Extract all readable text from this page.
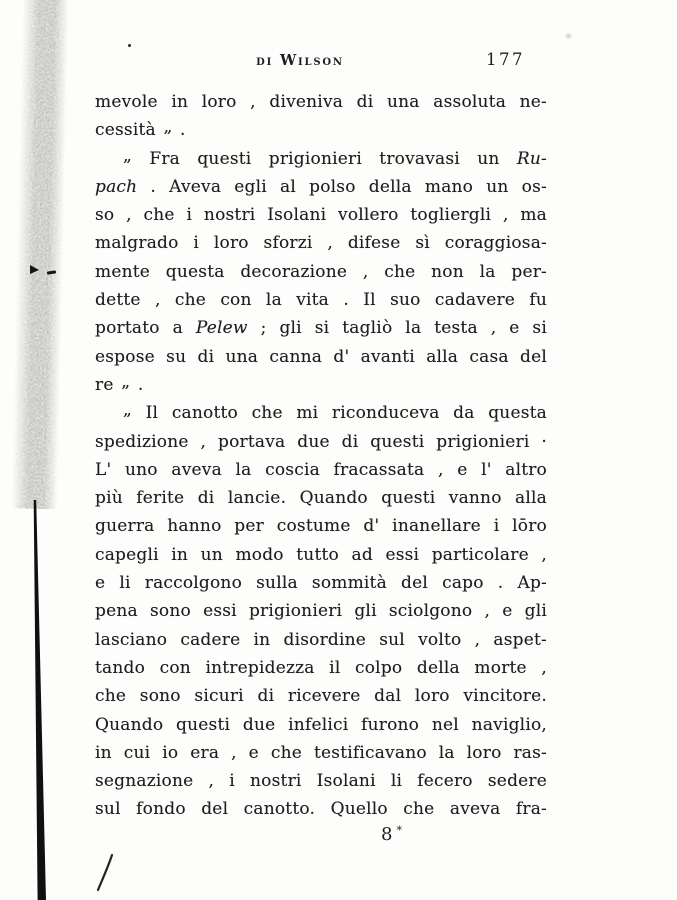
di Wilson	177
mevole in loro , diveniva di una assoluta ne-
cessità „ .
„ Fra questi prigionieri trovavasi un Ru-
pach . Aveva egli al polso della mano un os-
so , che i nostri Isolani vollero togliergli , ma
malgrado i loro sforzi , difese sì coraggiosa-
mente questa decorazione , che non la per-
dette , che con la vita . Il suo cadavere fu
portato a Pelew ; gli si tagliò la testa , e si
espose su di una canna d' avanti alla casa del
re „ .
„ Il canotto che mi riconduceva da questa
spedizione , portava due di questi prigionieri ·
L' uno aveva la coscia fracassata , e l' altro
più ferite di lancie. Quando questi vanno alla
guerra hanno per costume d' inanellare i lōro
capegli in un modo tutto ad essi particolare ,
e li raccolgono sulla sommità del capo . Ap-
pena sono essi prigionieri gli sciolgono , e gli
lasciano cadere in disordine sul volto , aspet-
tando con intrepidezza il colpo della morte ,
che sono sicuri di ricevere dal loro vincitore.
Quando questi due infelici furono nel naviglio,
in cui io era , e che testificavano la loro ras-
segnazione , i nostri Isolani li fecero sedere
sul fondo del canotto. Quello che aveva fra-
8 *
